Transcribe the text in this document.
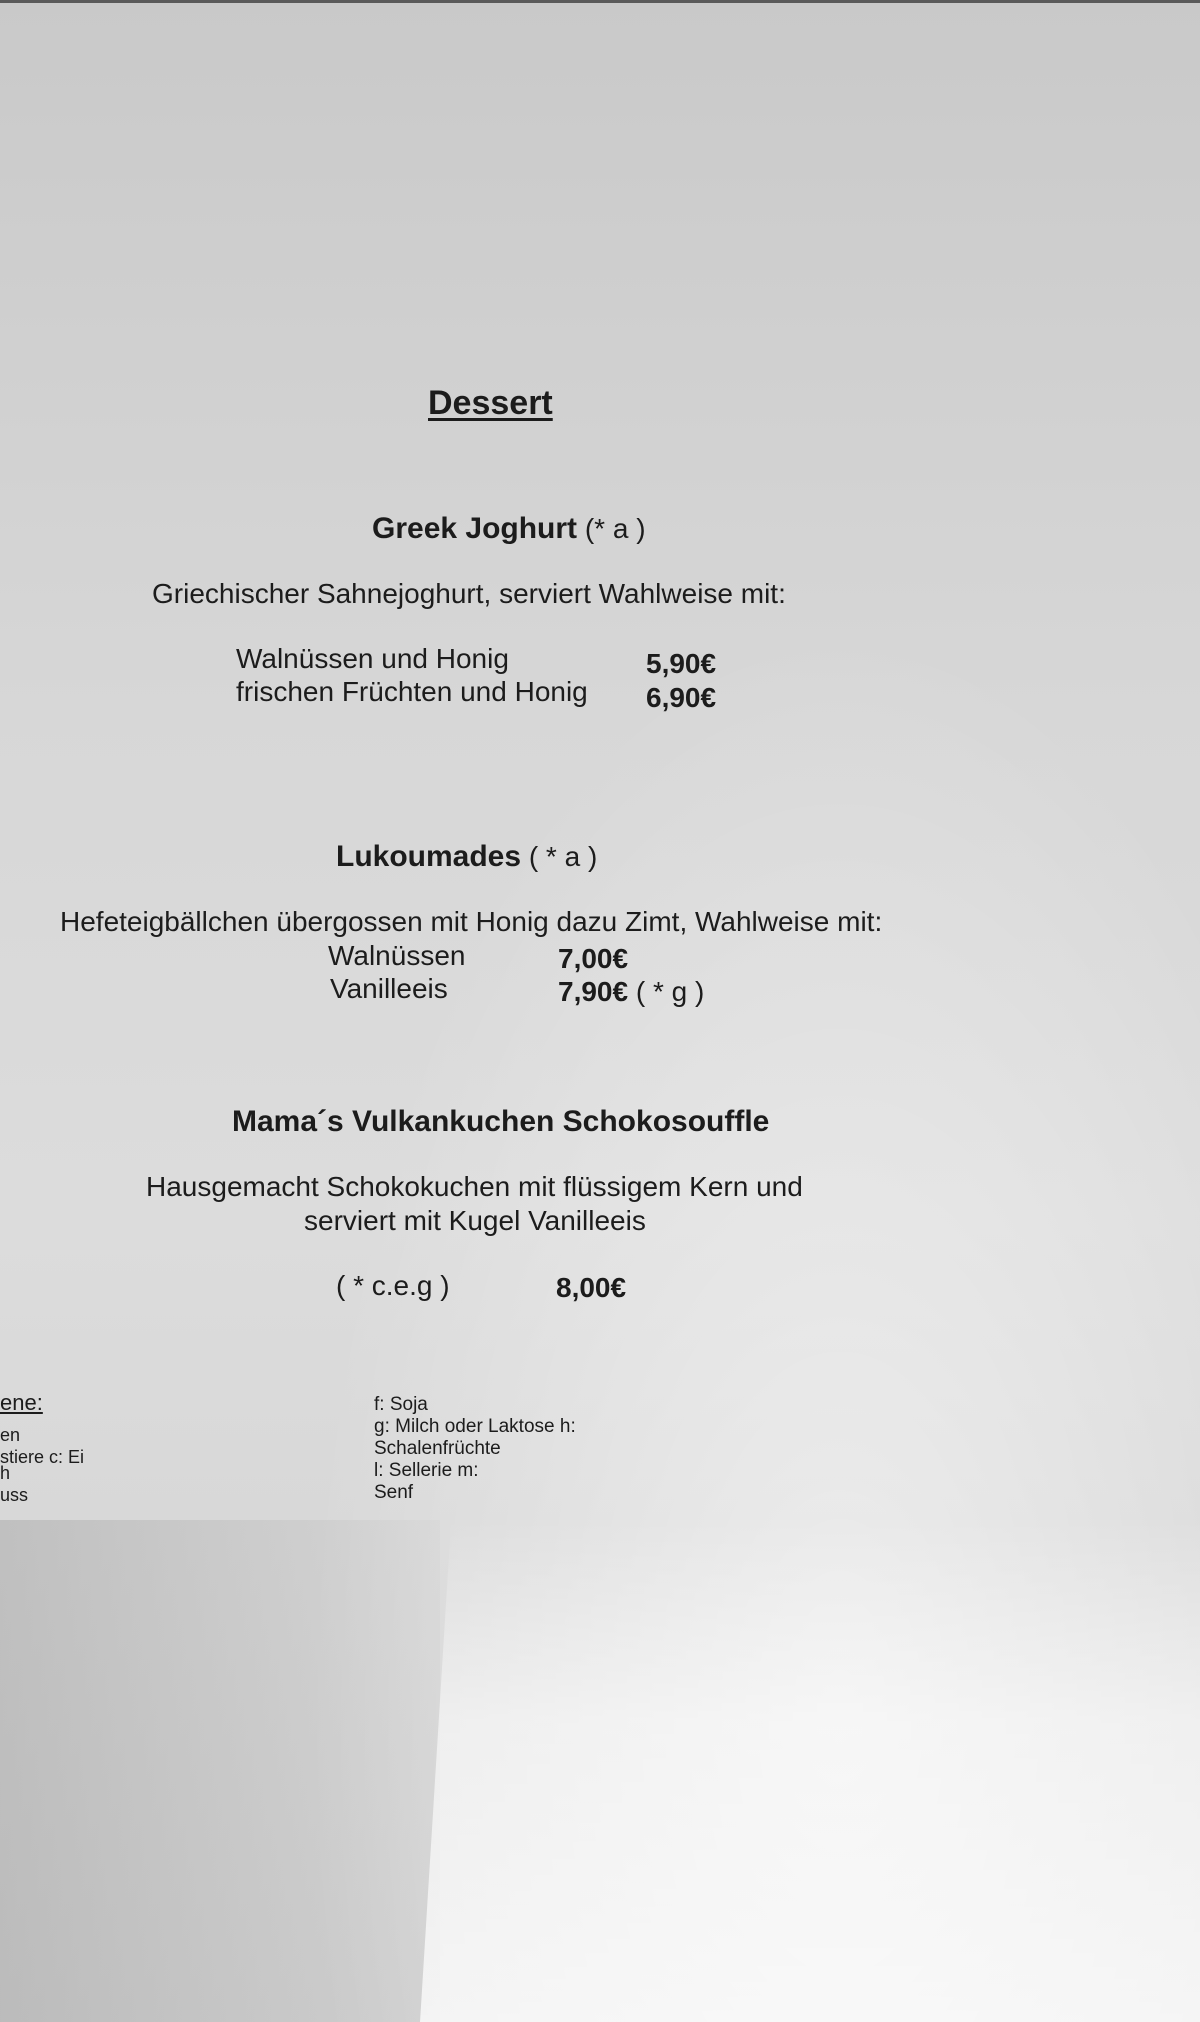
Dessert
Greek Joghurt (* a )
Griechischer Sahnejoghurt, serviert Wahlweise mit:
Walnüssen und Honig	5,90€
frischen Früchten und Honig 6,90€
Lukoumades ( * a )
Hefeteigbällchen übergossen mit Honig dazu Zimt, Wahlweise mit:
Walnüssen	7,00€
Vanilleeis	7,90€ ( * g )
Mama´s Vulkankuchen Schokosouffle
Hausgemacht Schokokuchen mit flüssigem Kern und
serviert mit Kugel Vanilleeis
( * c.e.g )	8,00€
ene:
en
stiere c: Ei
h
uss
f: Soja
g: Milch oder Laktose h:
Schalenfrüchte
l: Sellerie m:
Senf
